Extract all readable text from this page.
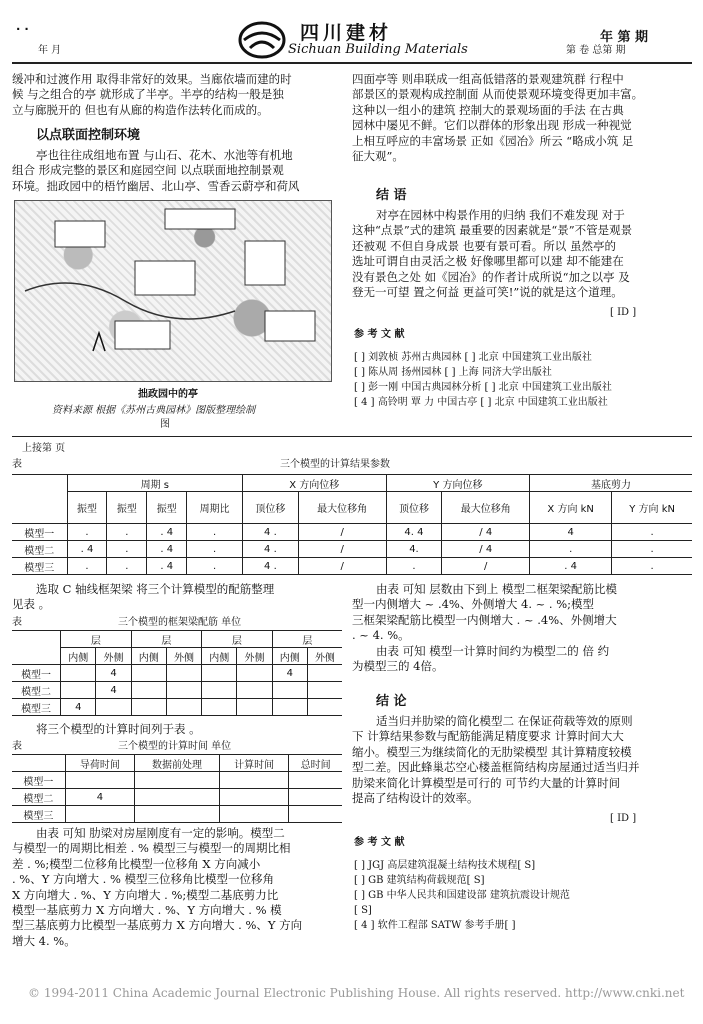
· ·
年 月
四川建材
Sichuan Building Materials
年 第 期
第 卷 总第 期
缓冲和过渡作用 取得非常好的效果。当廊依墙而建的时
候 与之组合的亭 就形成了半亭。半亭的结构一般是独
立与廊脱开的 但也有从廊的构造作法转化而成的。
以点联面控制环境
亭也往往成组地布置 与山石、花木、水池等有机地
组合 形成完整的景区和庭园空间 以点联面地控制景观
环境。拙政园中的梧竹幽居、北山亭、雪香云蔚亭和荷风
拙政园中的亭
资料来源 根据《苏州古典园林》图版整理绘制
图
四面亭等 则串联成一组高低错落的景观建筑群 行程中
部景区的景观构成控制面 从而使景观环境变得更加丰富。
这种以一组小的建筑 控制大的景观场面的手法 在古典
园林中屡见不鲜。它们以群体的形象出现 形成一种视觉
上相互呼应的丰富场景 正如《园冶》所云 “略成小筑 足
征大观”。
结 语
对亭在园林中构景作用的归纳 我们不难发现 对于
这种“点景”式的建筑 最重要的因素就是“景”不管是观景
还被观 不但自身成景 也要有景可看。所以 虽然亭的
选址可谓自由灵活之极 好像哪里都可以建 却不能建在
没有景色之处 如《园冶》的作者计成所说“加之以亭 及
登无一可望 置之何益 更益可笑!”说的就是这个道理。
[ ID ]
参 考 文 献
[ ] 刘敦桢 苏州古典园林 [ ] 北京 中国建筑工业出版社
[ ] 陈从周 扬州园林 [ ] 上海 同济大学出版社
[ ] 彭一刚 中国古典园林分析 [ ] 北京 中国建筑工业出版社
[ 4 ] 高铃明 覃 力 中国古亭 [ ] 北京 中国建筑工业出版社
上接第 页
表	三个模型的计算结果参数
	周期 s				X 方向位移		Y 方向位移		基底剪力	
	振型	振型	振型	周期比	顶位移	最大位移角	顶位移	最大位移角	X 方向 kN	Y 方向 kN
模型一	.	.	. 4	.	4 .	/	4. 4	/ 4	4	.
模型二	. 4	.	. 4	.	4 .	/	4.	/ 4	.	.
模型三	.	.	. 4	.	4 .	/	.	/	. 4	.
选取 C 轴线框架梁 将三个计算模型的配筋整理
见表 。
表	三个模型的框架梁配筋 单位
	层		层		层		层	
	内侧	外侧	内侧	外侧	内侧	外侧	内侧	外侧
模型一		4					4	
模型二		4						
模型三	4							
将三个模型的计算时间列于表 。
表	三个模型的计算时间 单位
	导荷时间	数据前处理	计算时间	总时间
模型一				
模型二	4			
模型三				
由表 可知 肋梁对房屋刚度有一定的影响。模型二
与模型一的周期比相差 . % 模型三与模型一的周期比相
差 . %;模型二位移角比模型一位移角 X 方向减小
. %、Y 方向增大 . % 模型三位移角比模型一位移角
X 方向增大 . %、Y 方向增大 . %;模型二基底剪力比
模型一基底剪力 X 方向增大 . %、Y 方向增大 . % 模
型三基底剪力比模型一基底剪力 X 方向增大 . %、Y 方向
增大 4. %。
由表 可知 层数由下到上 模型二框架梁配筋比模
型一内侧增大 ~ .4%、外侧增大 4. ~ . %;模型
三框架梁配筋比模型一内侧增大 . ~ .4%、外侧增大
. ~ 4. %。
由表 可知 模型一计算时间约为模型二的 倍 约
为模型三的 4倍。
结 论
适当归并肋梁的简化模型二 在保证荷载等效的原则
下 计算结果参数与配筋能满足精度要求 计算时间大大
缩小。模型三为继续简化的无肋梁模型 其计算精度较模
型二差。因此蜂巢芯空心楼盖框筒结构房屋通过适当归并
肋梁来简化计算模型是可行的 可节约大量的计算时间
提高了结构设计的效率。
[ ID ]
参 考 文 献
[ ] JGJ 高层建筑混凝土结构技术规程[ S]
[ ] GB 建筑结构荷载规范[ S]
[ ] GB 中华人民共和国建设部 建筑抗震设计规范
[ S]
[ 4 ] 软件工程部 SATW 参考手册[ ]
© 1994-2011 China Academic Journal Electronic Publishing House. All rights reserved. http://www.cnki.net
